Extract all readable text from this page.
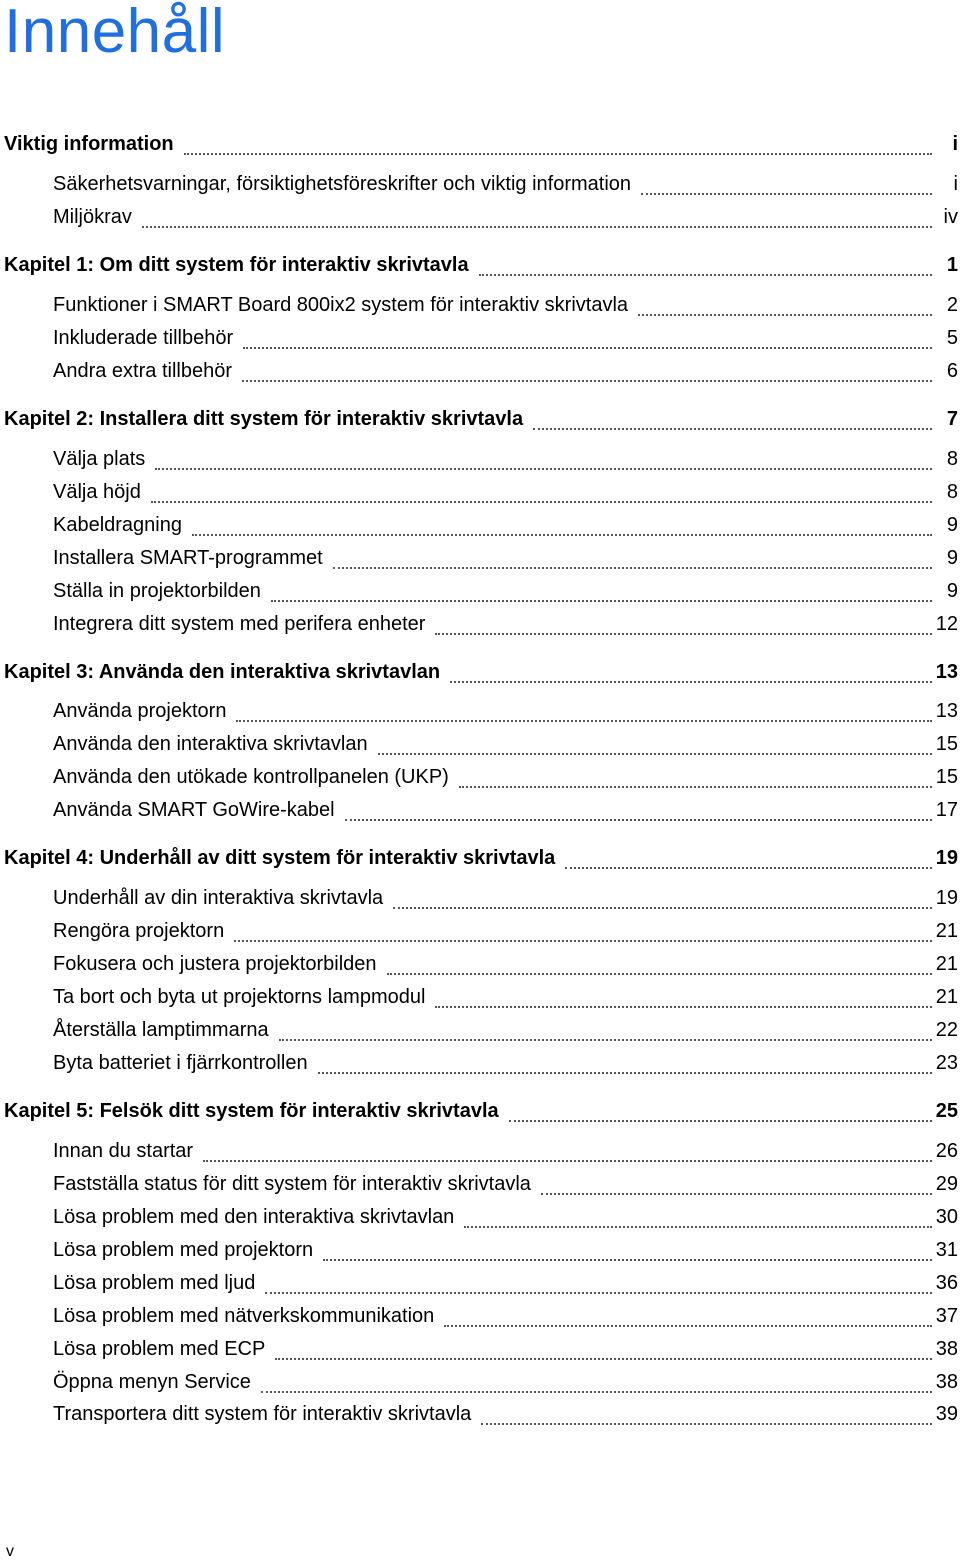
Innehåll
Viktig information	i
Säkerhetsvarningar, försiktighetsföreskrifter och viktig information	i
Miljökrav	iv
Kapitel 1: Om ditt system för interaktiv skrivtavla	1
Funktioner i SMART Board 800ix2 system för interaktiv skrivtavla	2
Inkluderade tillbehör	5
Andra extra tillbehör	6
Kapitel 2: Installera ditt system för interaktiv skrivtavla	7
Välja plats	8
Välja höjd	8
Kabeldragning	9
Installera SMART-programmet	9
Ställa in projektorbilden	9
Integrera ditt system med perifera enheter	12
Kapitel 3: Använda den interaktiva skrivtavlan	13
Använda projektorn	13
Använda den interaktiva skrivtavlan	15
Använda den utökade kontrollpanelen (UKP)	15
Använda SMART GoWire-kabel	17
Kapitel 4: Underhåll av ditt system för interaktiv skrivtavla	19
Underhåll av din interaktiva skrivtavla	19
Rengöra projektorn	21
Fokusera och justera projektorbilden	21
Ta bort och byta ut projektorns lampmodul	21
Återställa lamptimmarna	22
Byta batteriet i fjärrkontrollen	23
Kapitel 5: Felsök ditt system för interaktiv skrivtavla	25
Innan du startar	26
Fastställa status för ditt system för interaktiv skrivtavla	29
Lösa problem med den interaktiva skrivtavlan	30
Lösa problem med projektorn	31
Lösa problem med ljud	36
Lösa problem med nätverkskommunikation	37
Lösa problem med ECP	38
Öppna menyn Service	38
Transportera ditt system för interaktiv skrivtavla	39
v
